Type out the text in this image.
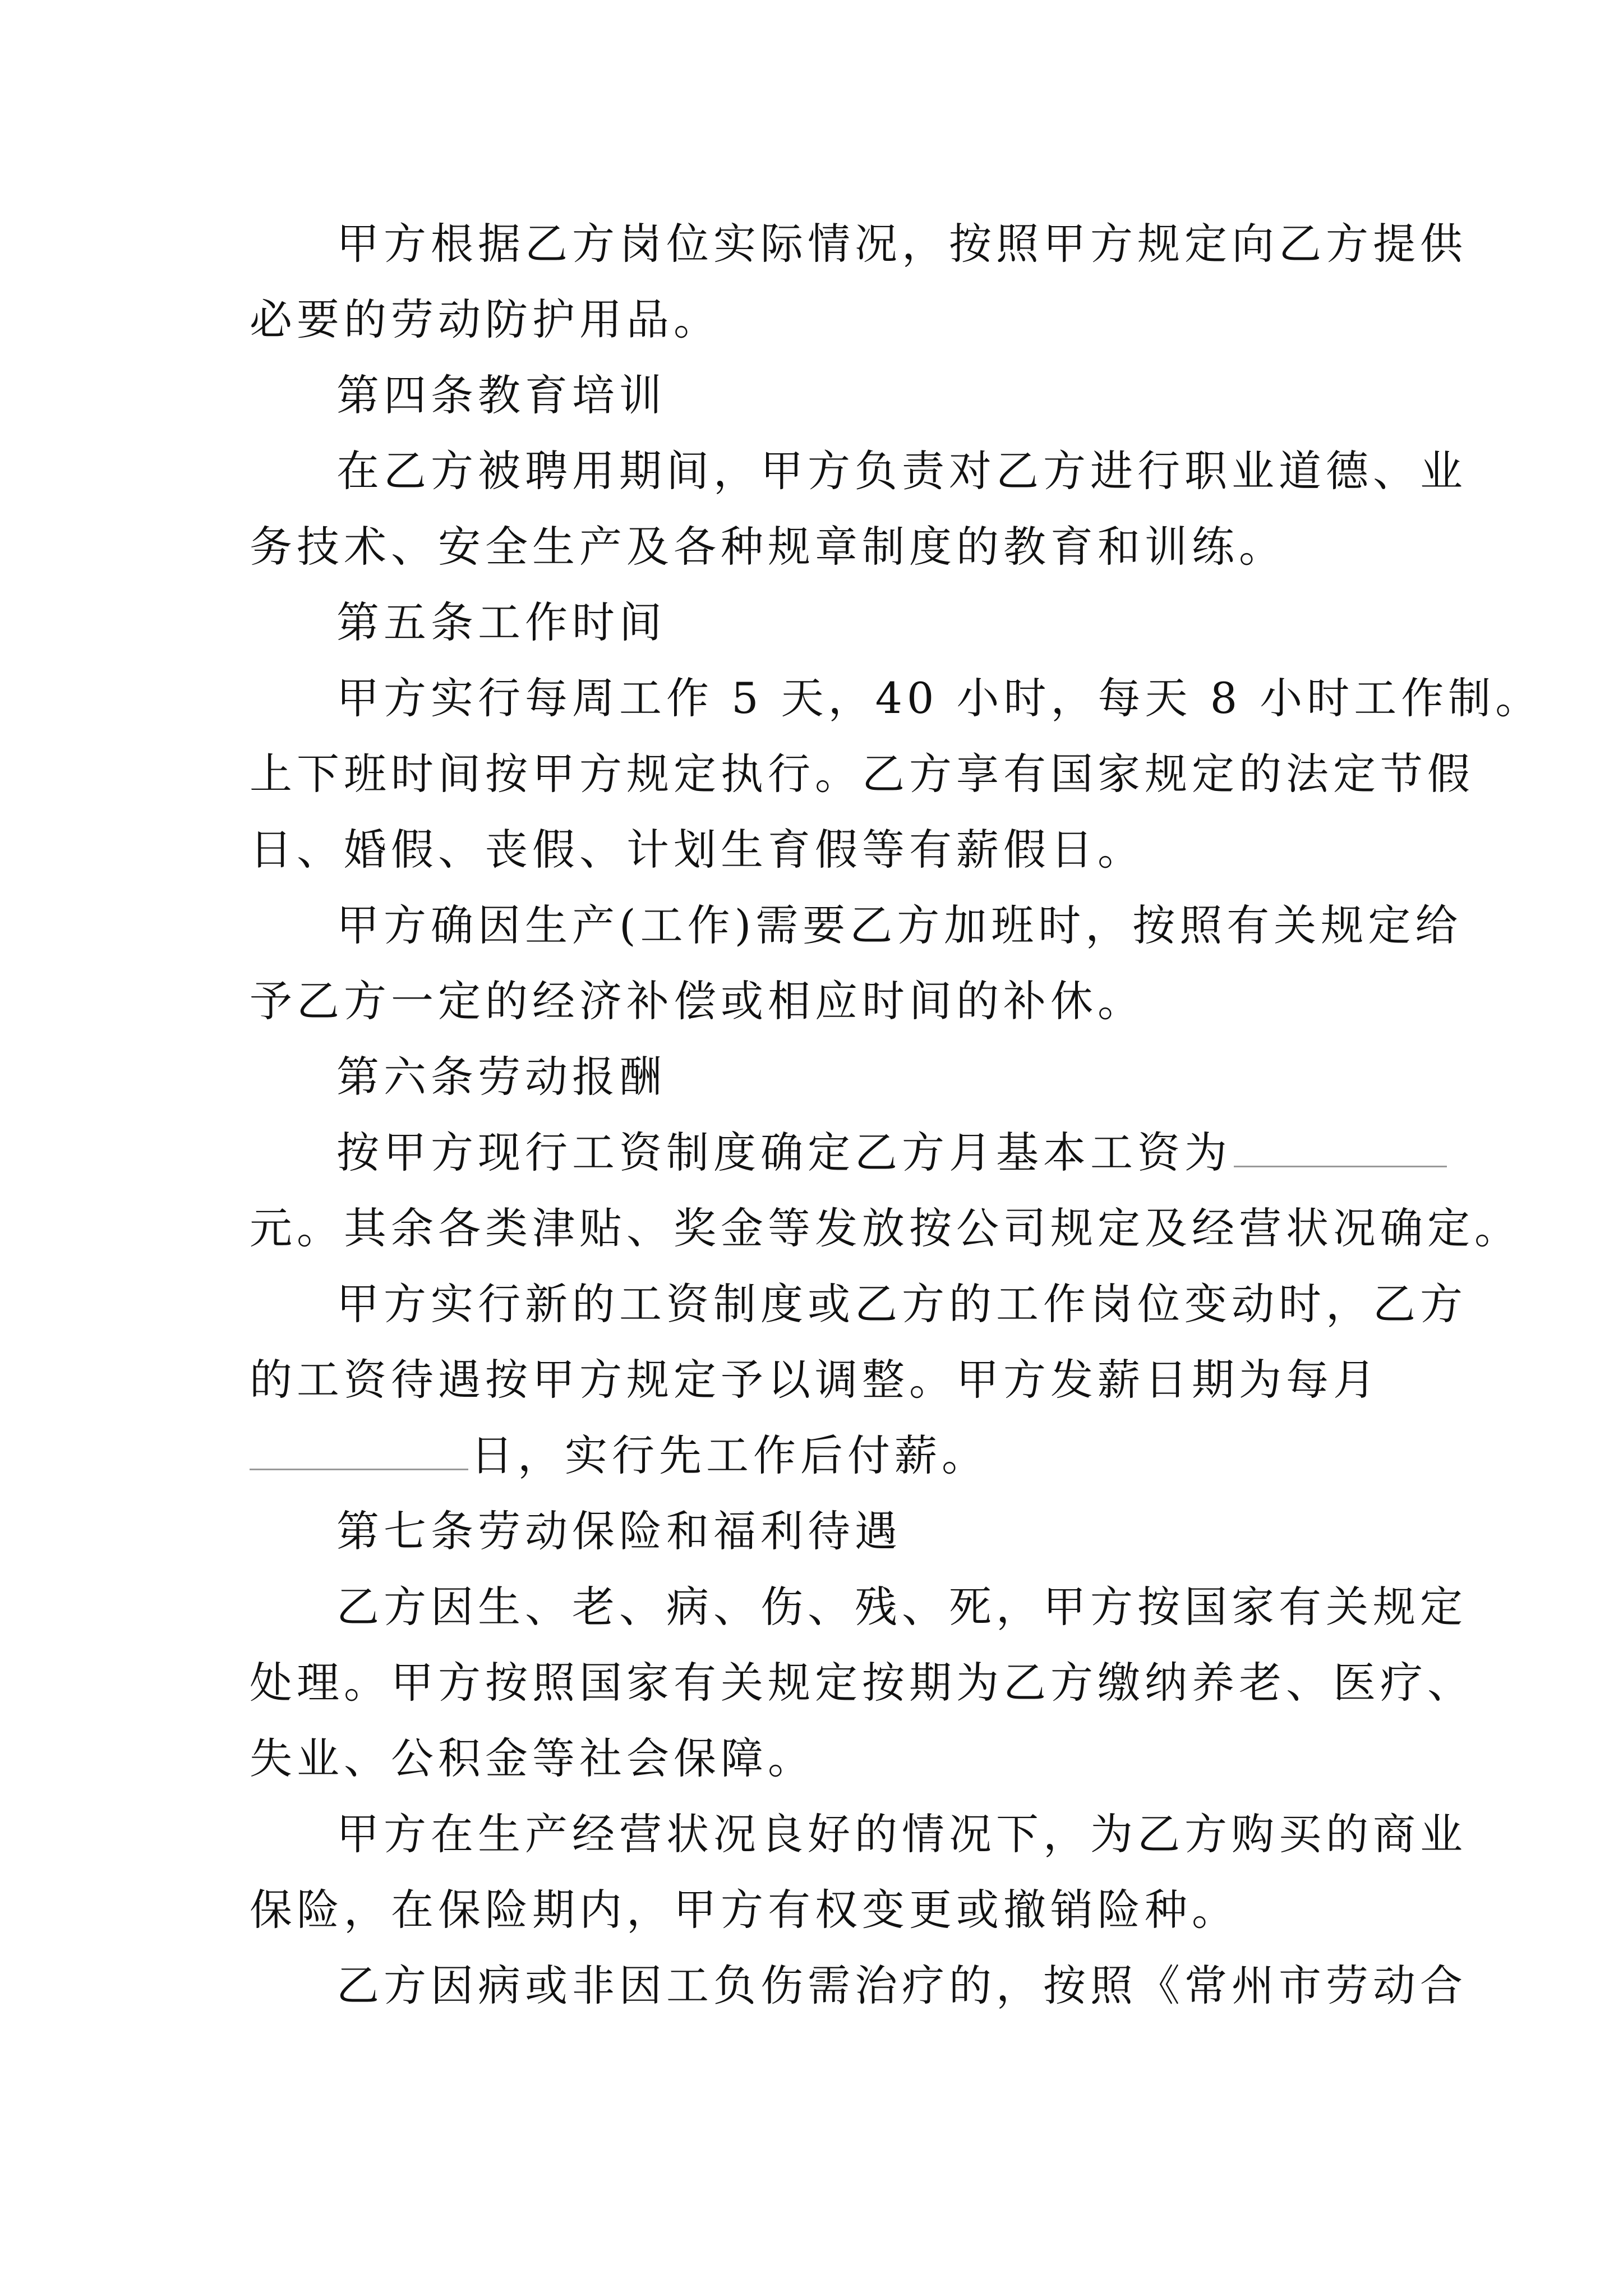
甲方根据乙方岗位实际情况，按照甲方规定向乙方提供
必要的劳动防护用品。
第四条教育培训
在乙方被聘用期间，甲方负责对乙方进行职业道德、业
务技术、安全生产及各种规章制度的教育和训练。
第五条工作时间
甲方实行每周工作 5 天，40 小时，每天 8 小时工作制。
上下班时间按甲方规定执行。乙方享有国家规定的法定节假
日、婚假、丧假、计划生育假等有薪假日。
甲方确因生产(工作)需要乙方加班时，按照有关规定给
予乙方一定的经济补偿或相应时间的补休。
第六条劳动报酬
按甲方现行工资制度确定乙方月基本工资为
元。其余各类津贴、奖金等发放按公司规定及经营状况确定。
甲方实行新的工资制度或乙方的工作岗位变动时，乙方
的工资待遇按甲方规定予以调整。甲方发薪日期为每月
日，实行先工作后付薪。
第七条劳动保险和福利待遇
乙方因生、老、病、伤、残、死，甲方按国家有关规定
处理。甲方按照国家有关规定按期为乙方缴纳养老、医疗、
失业、公积金等社会保障。
甲方在生产经营状况良好的情况下，为乙方购买的商业
保险，在保险期内，甲方有权变更或撤销险种。
乙方因病或非因工负伤需治疗的，按照《常州市劳动合
